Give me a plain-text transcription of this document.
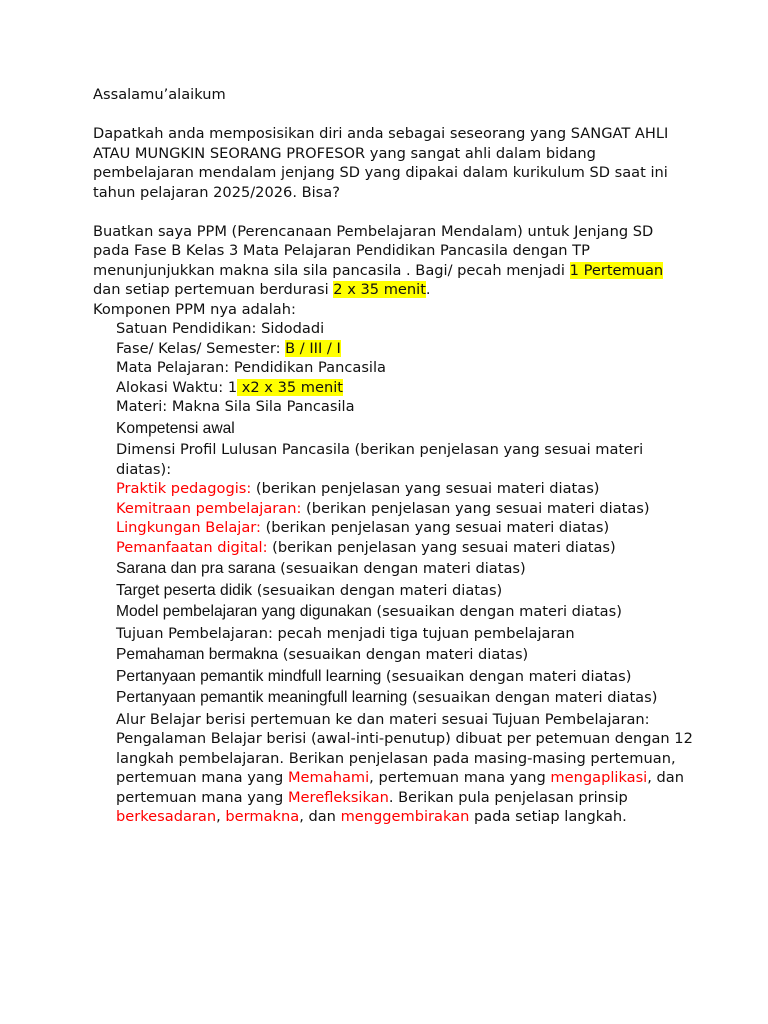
Assalamu’alaikum

Dapatkah anda memposisikan diri anda sebagai seseorang yang SANGAT AHLI ATAU MUNGKIN SEORANG PROFESOR yang sangat ahli dalam bidang pembelajaran mendalam jenjang SD yang dipakai dalam kurikulum SD saat ini tahun pelajaran 2025/2026. Bisa?

Buatkan saya PPM (Perencanaan Pembelajaran Mendalam) untuk Jenjang SD pada Fase B Kelas 3 Mata Pelajaran Pendidikan Pancasila dengan TP menunjunjukkan makna sila sila pancasila . Bagi/ pecah menjadi 1 Pertemuan dan setiap pertemuan berdurasi 2 x 35 menit.

Komponen PPM nya adalah:

Satuan Pendidikan: Sidodadi

Fase/ Kelas/ Semester: B / III / I

Mata Pelajaran: Pendidikan Pancasila

Alokasi Waktu: 1 x2 x 35 menit

Materi: Makna Sila Sila Pancasila

Kompetensi awal

Dimensi Profil Lulusan Pancasila (berikan penjelasan yang sesuai materi diatas):

Praktik pedagogis: (berikan penjelasan yang sesuai materi diatas)

Kemitraan pembelajaran: (berikan penjelasan yang sesuai materi diatas)

Lingkungan Belajar: (berikan penjelasan yang sesuai materi diatas)

Pemanfaatan digital: (berikan penjelasan yang sesuai materi diatas)

Sarana dan pra sarana (sesuaikan dengan materi diatas)

Target peserta didik (sesuaikan dengan materi diatas)

Model pembelajaran yang digunakan (sesuaikan dengan materi diatas)

Tujuan Pembelajaran: pecah menjadi tiga tujuan pembelajaran

Pemahaman bermakna (sesuaikan dengan materi diatas)

Pertanyaan pemantik mindfull learning (sesuaikan dengan materi diatas)

Pertanyaan pemantik meaningfull learning (sesuaikan dengan materi diatas)

Alur Belajar berisi pertemuan ke dan materi sesuai Tujuan Pembelajaran:

Pengalaman Belajar berisi (awal-inti-penutup) dibuat per petemuan dengan 12 langkah pembelajaran. Berikan penjelasan pada masing-masing pertemuan, pertemuan mana yang Memahami, pertemuan mana yang mengaplikasi, dan pertemuan mana yang Merefleksikan. Berikan pula penjelasan prinsip berkesadaran, bermakna, dan menggembirakan pada setiap langkah.
